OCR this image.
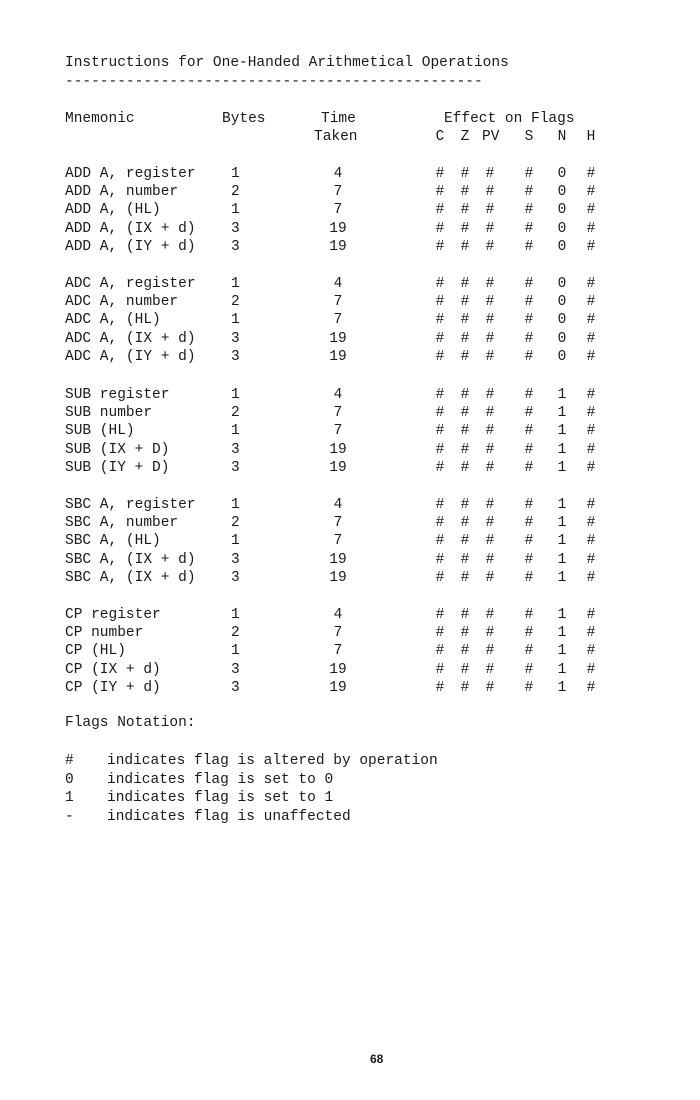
Instructions for One-Handed Arithmetical Operations
------------------------------------------------
Mnemonic	Bytes	Time
Taken
Effect on Flags
C Z PV S N H
ADD A, register 1	4	# # # # 0 #
ADD A, number	2	7	# # # # 0 #
ADD A, (HL)	1	7	# # # # 0 #
ADD A, (IX + d) 3	19	# # # # 0 #
ADD A, (IY + d) 3	19	# # # # 0 #
ADC A, register 1	4	# # # # 0 #
ADC A, number	2	7	# # # # 0 #
ADC A, (HL)	1	7	# # # # 0 #
ADC A, (IX + d) 3	19	# # # # 0 #
ADC A, (IY + d) 3	19	# # # # 0 #
SUB register	1	4	# # # # 1 #
SUB number	2	7	# # # # 1 #
SUB (HL)	1	7	# # # # 1 #
SUB (IX + D)	3	19	# # # # 1 #
SUB (IY + D)	3	19	# # # # 1 #
SBC A, register 1	4	# # # # 1 #
SBC A, number	2	7	# # # # 1 #
SBC A, (HL)	1	7	# # # # 1 #
SBC A, (IX + d) 3	19	# # # # 1 #
SBC A, (IX + d) 3	19	# # # # 1 #
CP register	1	4	# # # # 1 #
CP number	2	7	# # # # 1 #
CP (HL)	1	7	# # # # 1 #
CP (IX + d)	3	19	# # # # 1 #
CP (IY + d)	3	19	# # # # 1 #
Flags Notation:
# indicates flag is altered by operation
0 indicates flag is set to 0
1 indicates flag is set to 1
- indicates flag is unaffected
68
